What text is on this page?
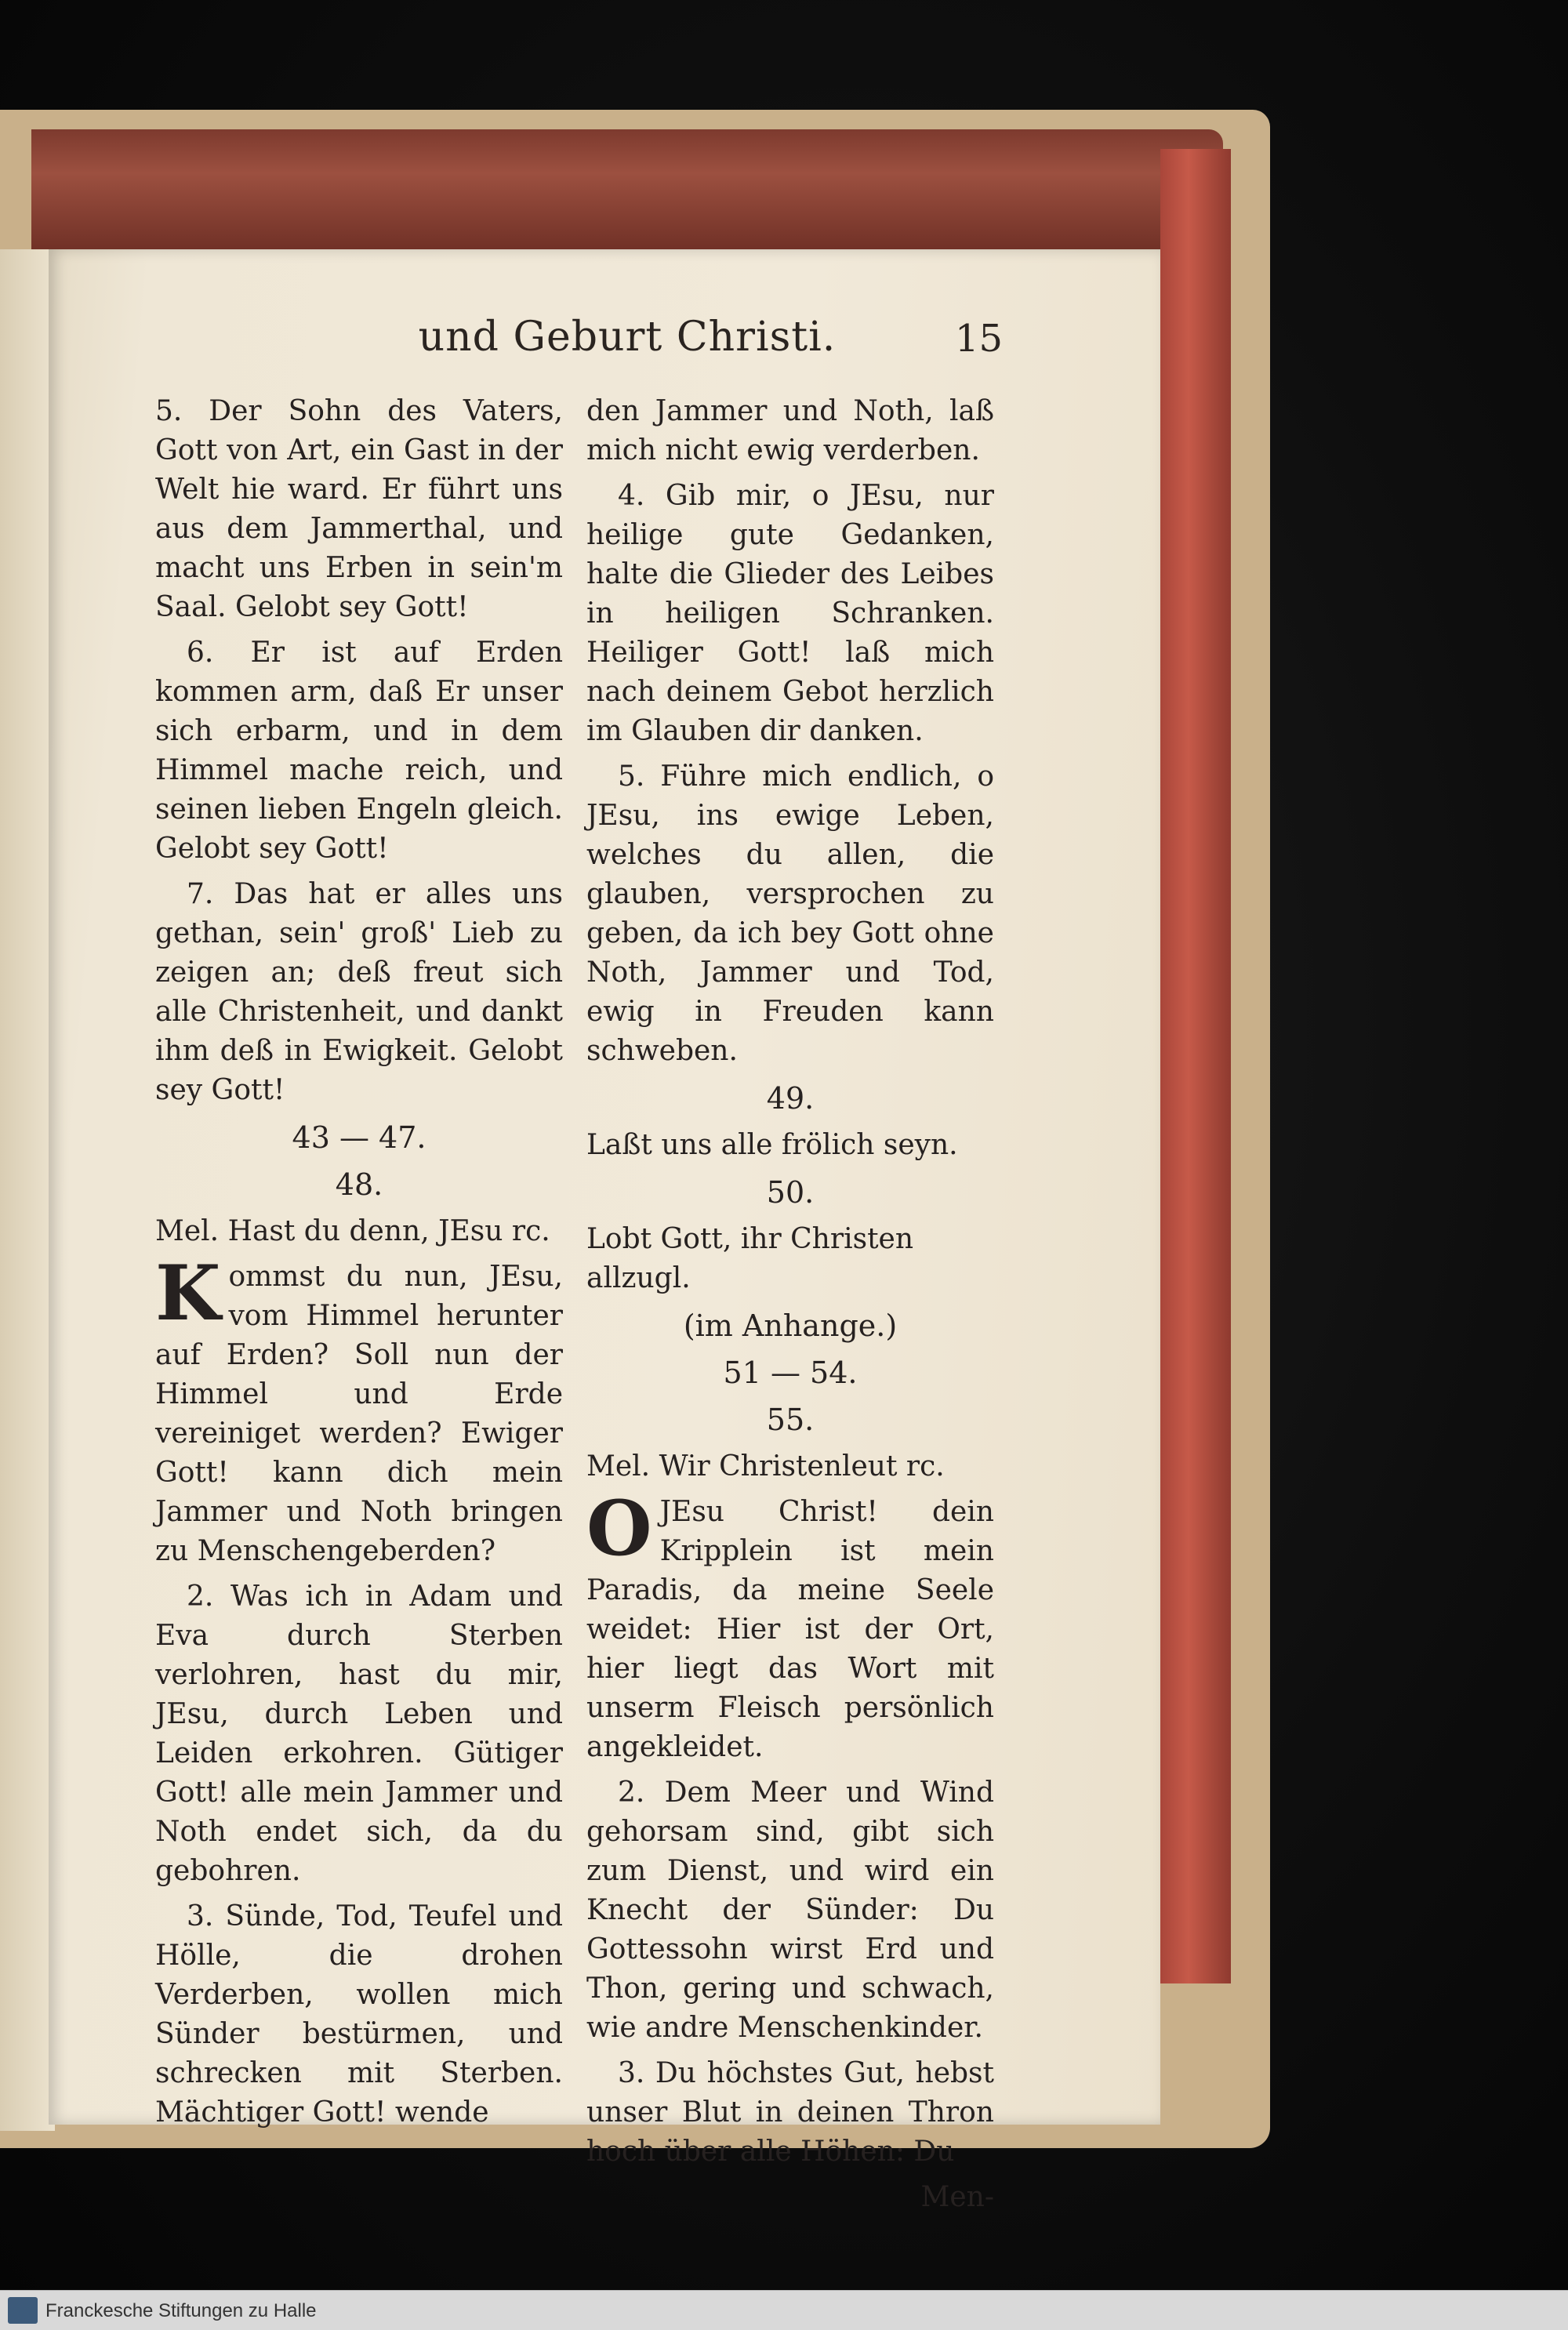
und Geburt Christi.	15

5. Der Sohn des Vaters, Gott von Art, ein Gast in der Welt hie ward. Er führt uns aus dem Jammerthal, und macht uns Erben in sein'm Saal. Gelobt sey Gott!

6. Er ist auf Erden kommen arm, daß Er unser sich erbarm, und in dem Himmel mache reich, und seinen lieben Engeln gleich. Gelobt sey Gott!

7. Das hat er alles uns gethan, sein' groß' Lieb zu zeigen an; deß freut sich alle Christenheit, und dankt ihm deß in Ewigkeit. Gelobt sey Gott!

43 — 47.
48.
Mel. Hast du denn, JEsu rc.

Kommst du nun, JEsu, vom Himmel herunter auf Erden? Soll nun der Himmel und Erde vereiniget werden? Ewiger Gott! kann dich mein Jammer und Noth bringen zu Menschengeberden?

2. Was ich in Adam und Eva durch Sterben verlohren, hast du mir, JEsu, durch Leben und Leiden erkohren. Gütiger Gott! alle mein Jammer und Noth endet sich, da du gebohren.

3. Sünde, Tod, Teufel und Hölle, die drohen Verderben, wollen mich Sünder bestürmen, und schrecken mit Sterben. Mächtiger Gott! wende

den Jammer und Noth, laß mich nicht ewig verderben.

4. Gib mir, o JEsu, nur heilige gute Gedanken, halte die Glieder des Leibes in heiligen Schranken. Heiliger Gott! laß mich nach deinem Gebot herzlich im Glauben dir danken.

5. Führe mich endlich, o JEsu, ins ewige Leben, welches du allen, die glauben, versprochen zu geben, da ich bey Gott ohne Noth, Jammer und Tod, ewig in Freuden kann schweben.

49.
Laßt uns alle frölich seyn.
50.
Lobt Gott, ihr Christen allzugl.
(im Anhange.)
51 — 54.
55.
Mel. Wir Christenleut rc.

O JEsu Christ! dein Kripplein ist mein Paradis, da meine Seele weidet: Hier ist der Ort, hier liegt das Wort mit unserm Fleisch persönlich angekleidet.

2. Dem Meer und Wind gehorsam sind, gibt sich zum Dienst, und wird ein Knecht der Sünder: Du Gottessohn wirst Erd und Thon, gering und schwach, wie andre Menschenkinder.

3. Du höchstes Gut, hebst unser Blut in deinen Thron hoch über alle Höhen: Du

Men-
Franckesche Stiftungen zu Halle
